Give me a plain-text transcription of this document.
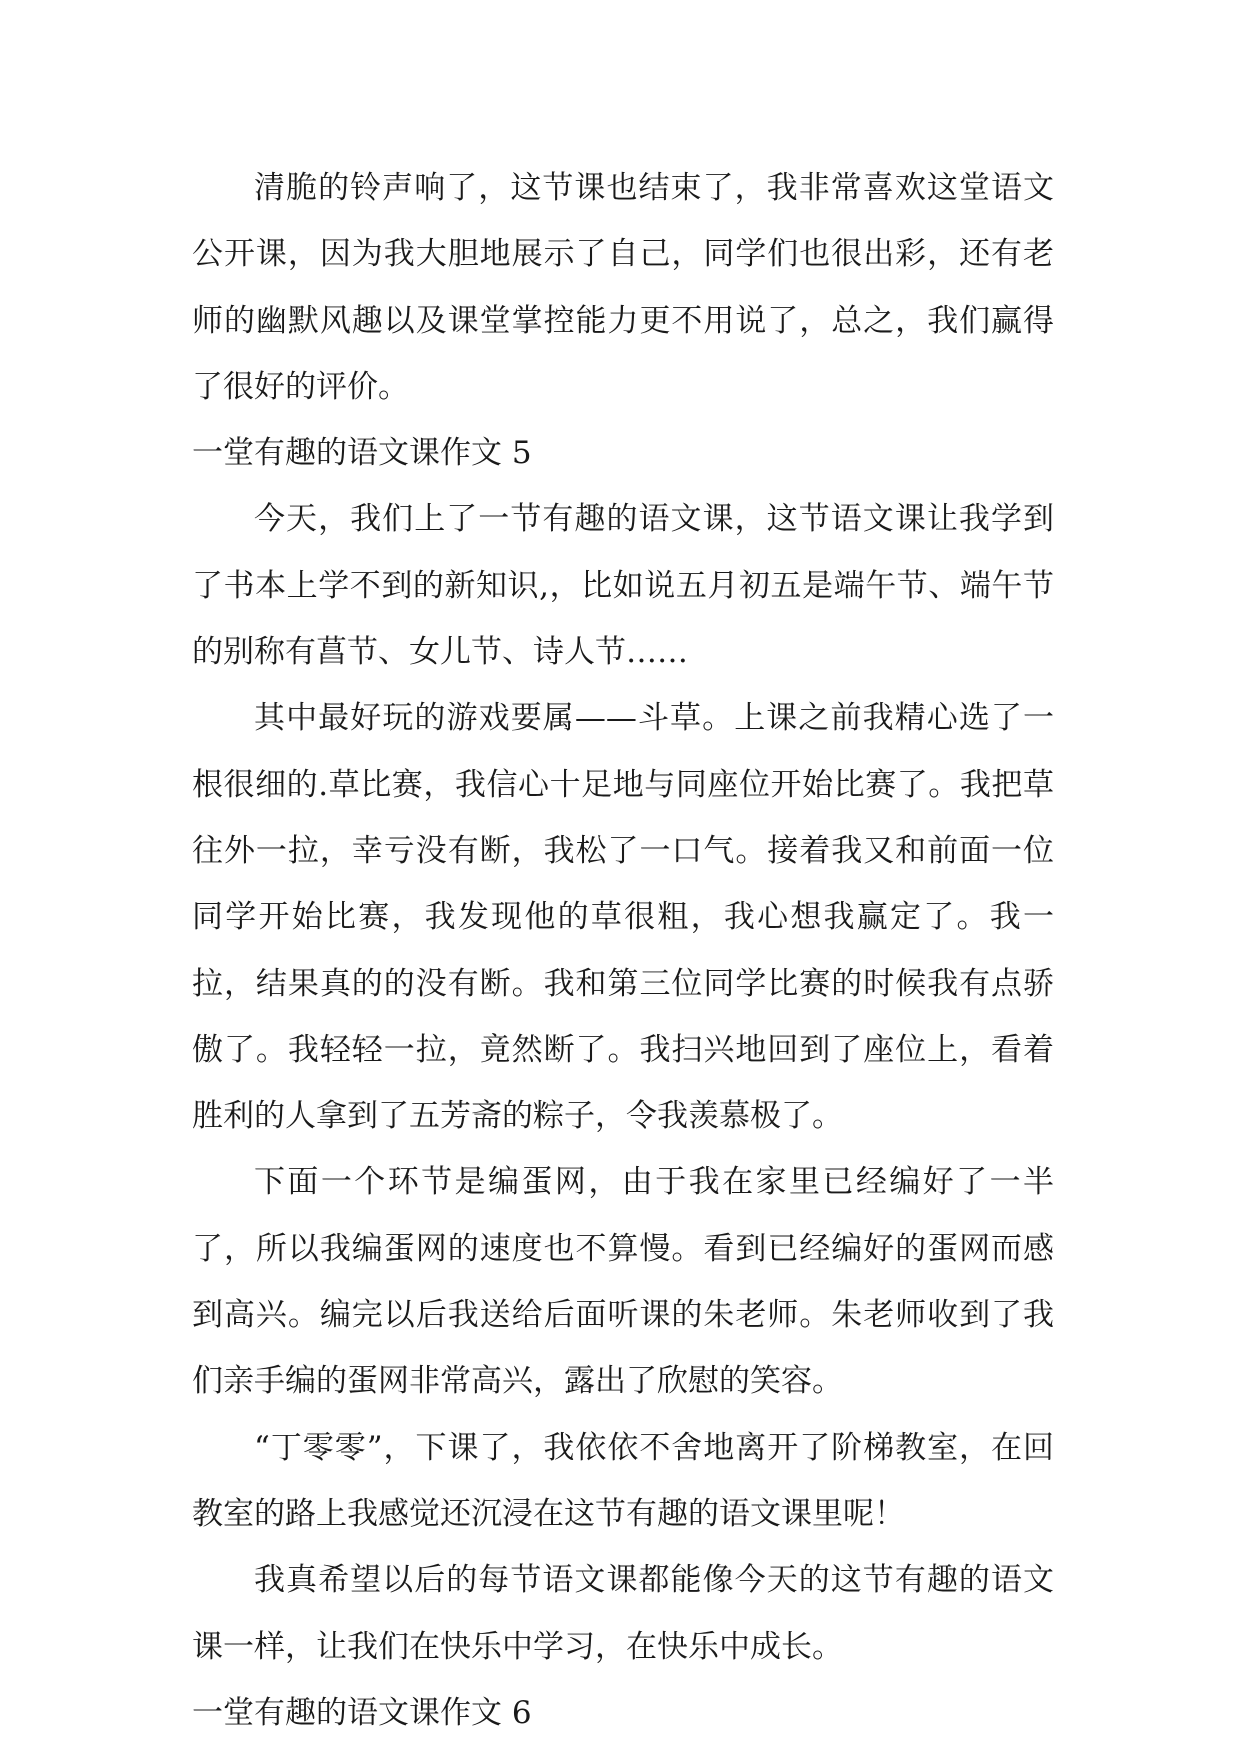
清脆的铃声响了，这节课也结束了，我非常喜欢这堂语文公开课，因为我大胆地展示了自己，同学们也很出彩，还有老师的幽默风趣以及课堂掌控能力更不用说了，总之，我们赢得了很好的评价。

一堂有趣的语文课作文 5

今天，我们上了一节有趣的语文课，这节语文课让我学到了书本上学不到的新知识,，比如说五月初五是端午节、端午节的别称有菖节、女儿节、诗人节……

其中最好玩的游戏要属——斗草。上课之前我精心选了一根很细的.草比赛，我信心十足地与同座位开始比赛了。我把草往外一拉，幸亏没有断，我松了一口气。接着我又和前面一位同学开始比赛，我发现他的草很粗，我心想我赢定了。我一拉，结果真的的没有断。我和第三位同学比赛的时候我有点骄傲了。我轻轻一拉，竟然断了。我扫兴地回到了座位上，看着胜利的人拿到了五芳斋的粽子，令我羡慕极了。

下面一个环节是编蛋网，由于我在家里已经编好了一半了，所以我编蛋网的速度也不算慢。看到已经编好的蛋网而感到高兴。编完以后我送给后面听课的朱老师。朱老师收到了我们亲手编的蛋网非常高兴，露出了欣慰的笑容。

“丁零零”，下课了，我依依不舍地离开了阶梯教室，在回教室的路上我感觉还沉浸在这节有趣的语文课里呢！

我真希望以后的每节语文课都能像今天的这节有趣的语文课一样，让我们在快乐中学习，在快乐中成长。

一堂有趣的语文课作文 6
